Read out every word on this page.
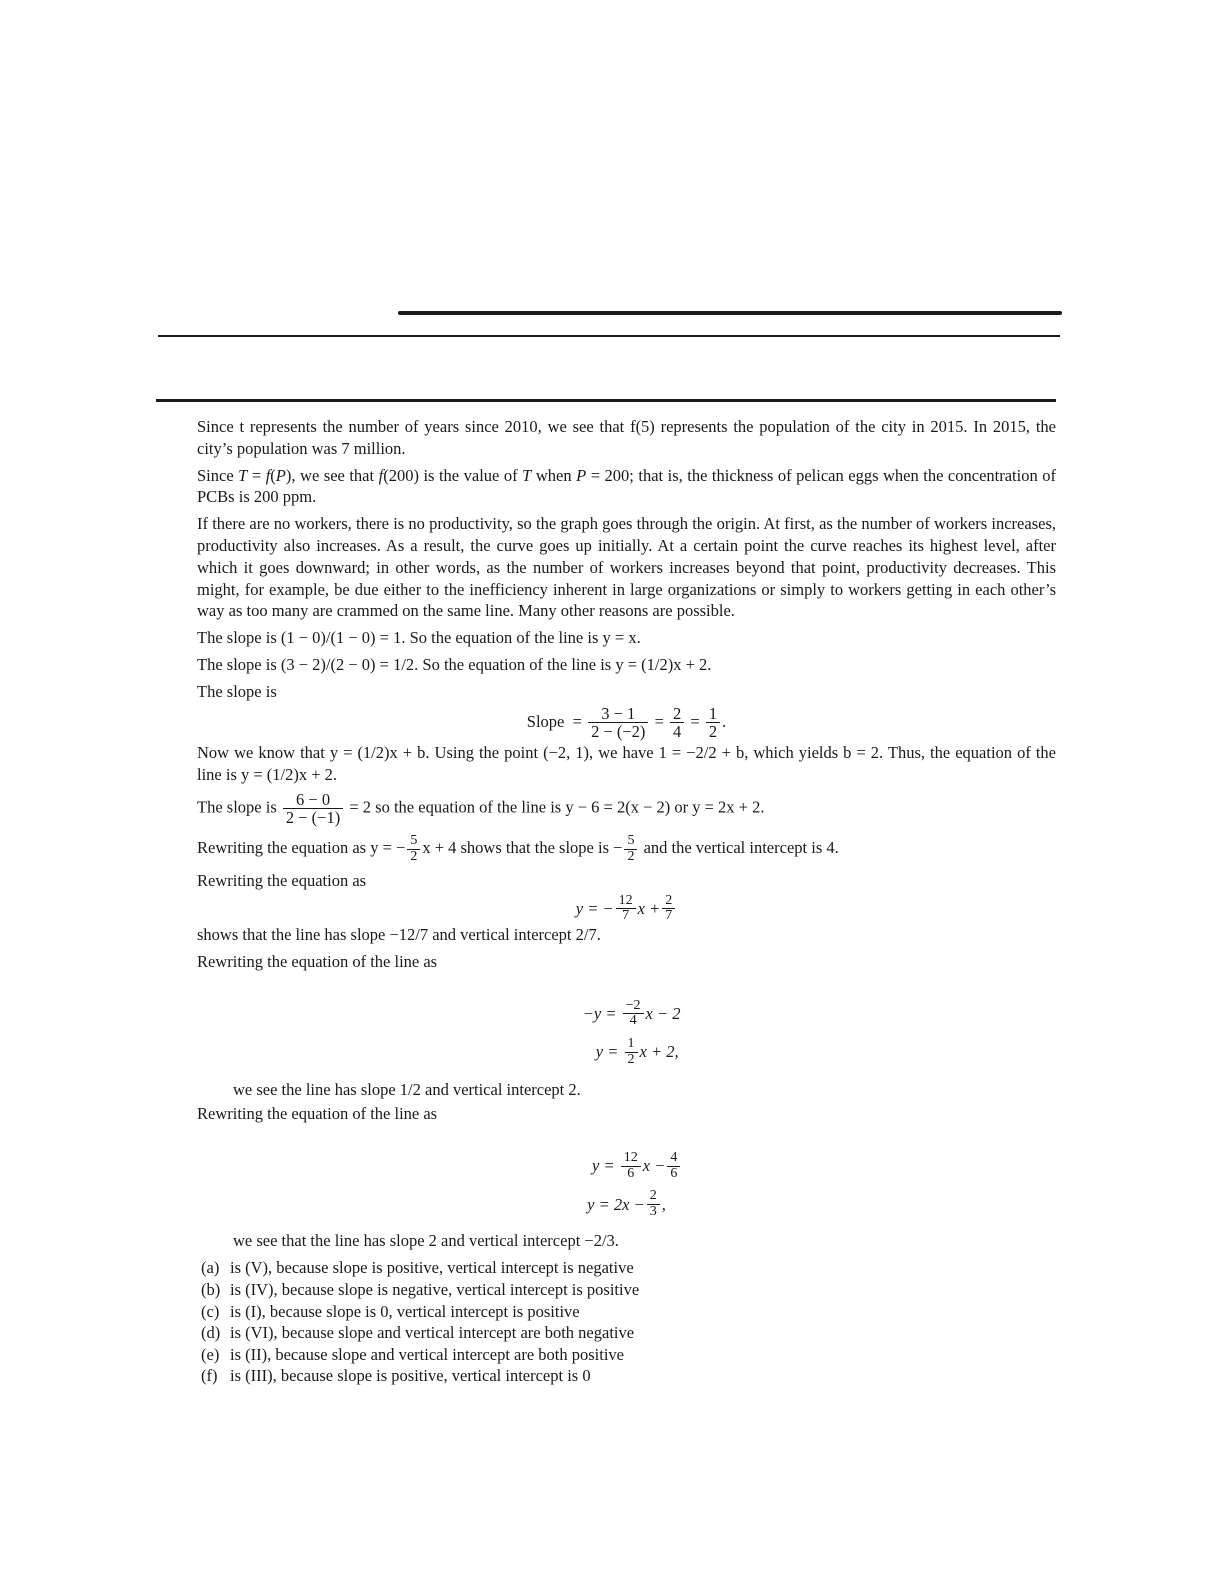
Since t represents the number of years since 2010, we see that f(5) represents the population of the city in 2015. In 2015, the city’s population was 7 million.

Since T = f(P), we see that f(200) is the value of T when P = 200; that is, the thickness of pelican eggs when the concentration of PCBs is 200 ppm.

If there are no workers, there is no productivity, so the graph goes through the origin. At first, as the number of workers increases, productivity also increases. As a result, the curve goes up initially. At a certain point the curve reaches its highest level, after which it goes downward; in other words, as the number of workers increases beyond that point, productivity decreases. This might, for example, be due either to the inefficiency inherent in large organizations or simply to workers getting in each other’s way as too many are crammed on the same line. Many other reasons are possible.

The slope is (1 − 0)/(1 − 0) = 1. So the equation of the line is y = x.

The slope is (3 − 2)/(2 − 0) = 1/2. So the equation of the line is y = (1/2)x + 2.

The slope is

Slope
=
$\frac{3 - 1}{2 - (-2)}$
=
$\frac{2}{4}$
=
$\frac{1}{2}$ .

Now we know that y = (1/2)x + b. Using the point (−2, 1), we have 1 = −2/2 + b, which yields b = 2. Thus, the equation of the line is y = (1/2)x + 2.

The slope is $\frac{6 - 0}{2 - (-1)} = 2$ so the equation of the line is y − 6 = 2(x − 2) or y = 2x + 2.

Rewriting the equation as y = − $\frac{5}{2}$ x + 4 shows that the slope is − $\frac{5}{2}$ and the vertical intercept is 4.

Rewriting the equation as

y = − $\frac{12}{7}$ $x + \frac{2}{7}$

shows that the line has slope −12/7 and vertical intercept 2/7.

Rewriting the equation of the line as

−y =
$\frac{-2}{4}$ x − 2
y =
$\frac{1}{2}$ x + 2,

we see the line has slope 1/2 and vertical intercept 2.

Rewriting the equation of the line as

y =
$\frac{12}{6}$ $x - \frac{4}{6}$
$y = 2x - \frac{2}{3}$ ,

we see that the line has slope 2 and vertical intercept −2/3.

(a) is (V), because slope is positive, vertical intercept is negative
(b) is (IV), because slope is negative, vertical intercept is positive
(c) is (I), because slope is 0, vertical intercept is positive
(d) is (VI), because slope and vertical intercept are both negative
(e) is (II), because slope and vertical intercept are both positive
(f) is (III), because slope is positive, vertical intercept is 0
